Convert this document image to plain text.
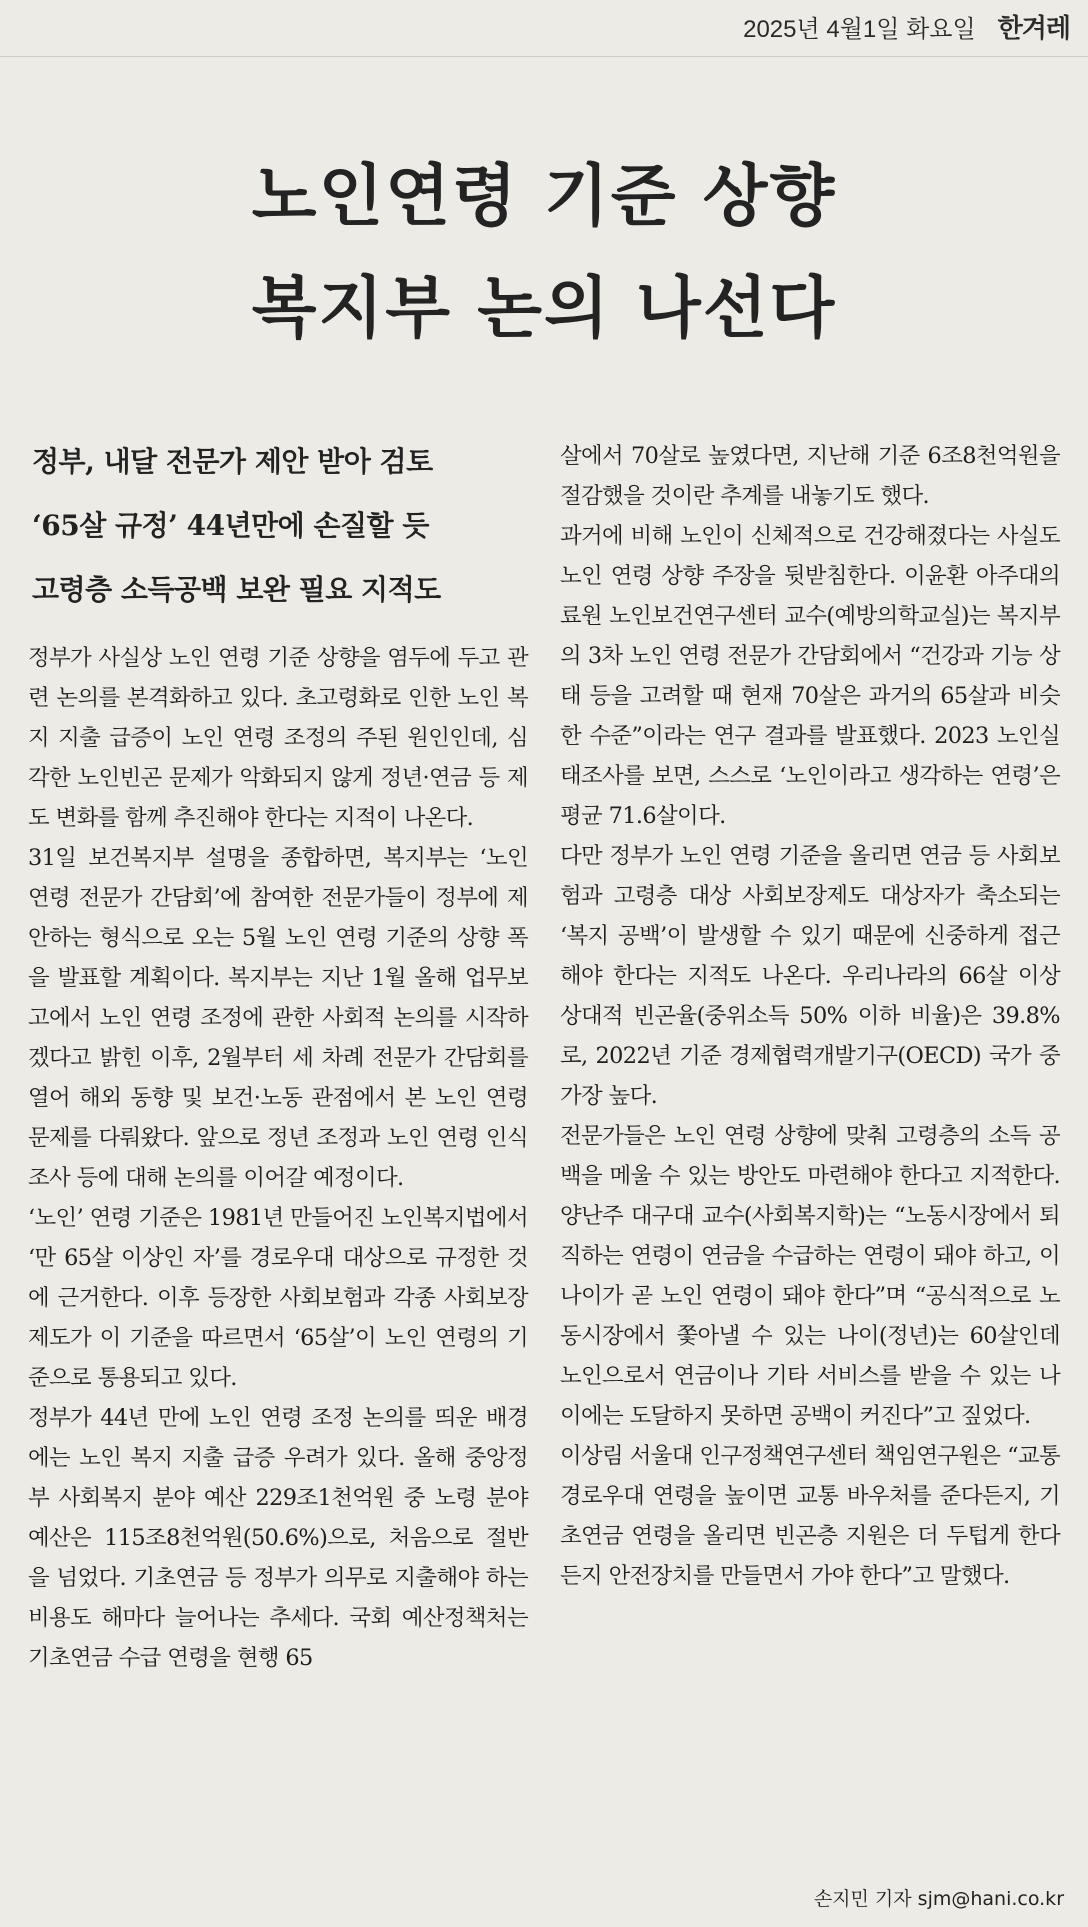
2025년 4월1일 화요일 한겨레
노인연령 기준 상향
복지부 논의 나선다
정부, 내달 전문가 제안 받아 검토
‘65살 규정’ 44년만에 손질할 듯
고령층 소득공백 보완 필요 지적도

정부가 사실상 노인 연령 기준 상향을 염두에 두고 관련 논의를 본격화하고 있다. 초고령화로 인한 노인 복지 지출 급증이 노인 연령 조정의 주된 원인인데, 심각한 노인빈곤 문제가 악화되지 않게 정년·연금 등 제도 변화를 함께 추진해야 한다는 지적이 나온다.

31일 보건복지부 설명을 종합하면, 복지부는 ‘노인 연령 전문가 간담회’에 참여한 전문가들이 정부에 제안하는 형식으로 오는 5월 노인 연령 기준의 상향 폭을 발표할 계획이다. 복지부는 지난 1월 올해 업무보고에서 노인 연령 조정에 관한 사회적 논의를 시작하겠다고 밝힌 이후, 2월부터 세 차례 전문가 간담회를 열어 해외 동향 및 보건·노동 관점에서 본 노인 연령 문제를 다뤄왔다. 앞으로 정년 조정과 노인 연령 인식조사 등에 대해 논의를 이어갈 예정이다.

‘노인’ 연령 기준은 1981년 만들어진 노인복지법에서 ‘만 65살 이상인 자’를 경로우대 대상으로 규정한 것에 근거한다. 이후 등장한 사회보험과 각종 사회보장제도가 이 기준을 따르면서 ‘65살’이 노인 연령의 기준으로 통용되고 있다.

정부가 44년 만에 노인 연령 조정 논의를 띄운 배경에는 노인 복지 지출 급증 우려가 있다. 올해 중앙정부 사회복지 분야 예산 229조1천억원 중 노령 분야 예산은 115조8천억원(50.6%)으로, 처음으로 절반을 넘었다. 기초연금 등 정부가 의무로 지출해야 하는 비용도 해마다 늘어나는 추세다. 국회 예산정책처는 기초연금 수급 연령을 현행 65

살에서 70살로 높였다면, 지난해 기준 6조8천억원을 절감했을 것이란 추계를 내놓기도 했다.

과거에 비해 노인이 신체적으로 건강해졌다는 사실도 노인 연령 상향 주장을 뒷받침한다. 이윤환 아주대의료원 노인보건연구센터 교수(예방의학교실)는 복지부의 3차 노인 연령 전문가 간담회에서 “건강과 기능 상태 등을 고려할 때 현재 70살은 과거의 65살과 비슷한 수준”이라는 연구 결과를 발표했다. 2023 노인실태조사를 보면, 스스로 ‘노인이라고 생각하는 연령’은 평균 71.6살이다.

다만 정부가 노인 연령 기준을 올리면 연금 등 사회보험과 고령층 대상 사회보장제도 대상자가 축소되는 ‘복지 공백’이 발생할 수 있기 때문에 신중하게 접근해야 한다는 지적도 나온다. 우리나라의 66살 이상 상대적 빈곤율(중위소득 50% 이하 비율)은 39.8%로, 2022년 기준 경제협력개발기구(OECD) 국가 중 가장 높다.

전문가들은 노인 연령 상향에 맞춰 고령층의 소득 공백을 메울 수 있는 방안도 마련해야 한다고 지적한다. 양난주 대구대 교수(사회복지학)는 “노동시장에서 퇴직하는 연령이 연금을 수급하는 연령이 돼야 하고, 이 나이가 곧 노인 연령이 돼야 한다”며 “공식적으로 노동시장에서 쫓아낼 수 있는 나이(정년)는 60살인데 노인으로서 연금이나 기타 서비스를 받을 수 있는 나이에는 도달하지 못하면 공백이 커진다”고 짚었다.

이상림 서울대 인구정책연구센터 책임연구원은 “교통 경로우대 연령을 높이면 교통 바우처를 준다든지, 기초연금 연령을 올리면 빈곤층 지원은 더 두텁게 한다든지 안전장치를 만들면서 가야 한다”고 말했다.

손지민 기자 sjm@hani.co.kr
